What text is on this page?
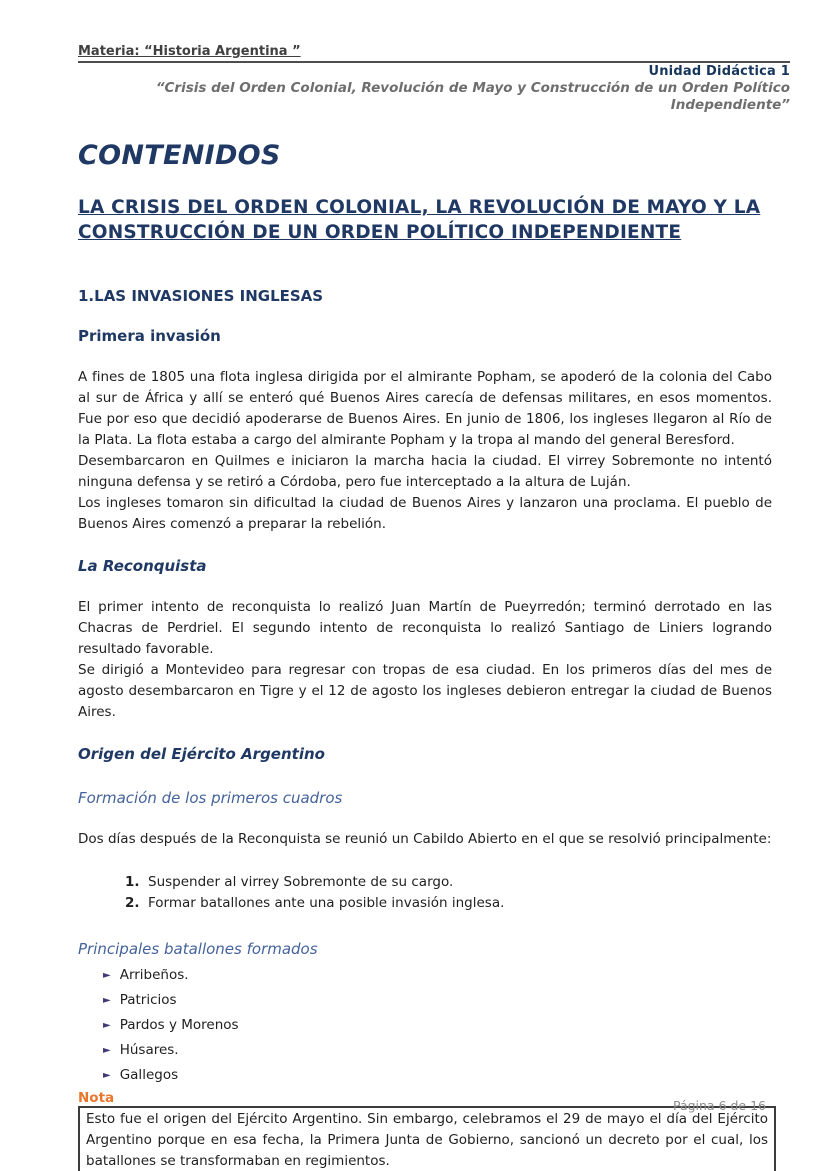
Materia: “Historia Argentina ”
Unidad Didáctica 1
“Crisis del Orden Colonial, Revolución de Mayo y Construcción de un Orden Político Independiente”
CONTENIDOS
LA CRISIS DEL ORDEN COLONIAL, LA REVOLUCIÓN DE MAYO Y LA CONSTRUCCIÓN DE UN ORDEN POLÍTICO INDEPENDIENTE
1.LAS INVASIONES INGLESAS
Primera invasión

A fines de 1805 una flota inglesa dirigida por el almirante Popham, se apoderó de la colonia del Cabo al sur de África y allí se enteró qué Buenos Aires carecía de defensas militares, en esos momentos. Fue por eso que decidió apoderarse de Buenos Aires. En junio de 1806, los ingleses llegaron al Río de la Plata. La flota estaba a cargo del almirante Popham y la tropa al mando del general Beresford.

Desembarcaron en Quilmes e iniciaron la marcha hacia la ciudad. El virrey Sobremonte no intentó ninguna defensa y se retiró a Córdoba, pero fue interceptado a la altura de Luján.

Los ingleses tomaron sin dificultad la ciudad de Buenos Aires y lanzaron una proclama. El pueblo de Buenos Aires comenzó a preparar la rebelión.

La Reconquista

El primer intento de reconquista lo realizó Juan Martín de Pueyrredón; terminó derrotado en las Chacras de Perdriel. El segundo intento de reconquista lo realizó Santiago de Liniers logrando resultado favorable.

Se dirigió a Montevideo para regresar con tropas de esa ciudad. En los primeros días del mes de agosto desembarcaron en Tigre y el 12 de agosto los ingleses debieron entregar la ciudad de Buenos Aires.

Origen del Ejército Argentino
Formación de los primeros cuadros

Dos días después de la Reconquista se reunió un Cabildo Abierto en el que se resolvió principalmente:

1. Suspender al virrey Sobremonte de su cargo.
2. Formar batallones ante una posible invasión inglesa.
Principales batallones formados
► Arribeños.
► Patricios
► Pardos y Morenos
► Húsares.
► Gallegos
Nota
Esto fue el origen del Ejército Argentino. Sin embargo, celebramos el 29 de mayo el día del Ejército Argentino porque en esa fecha, la Primera Junta de Gobierno, sancionó un decreto por el cual, los batallones se transformaban en regimientos.
Página 6 de 16
